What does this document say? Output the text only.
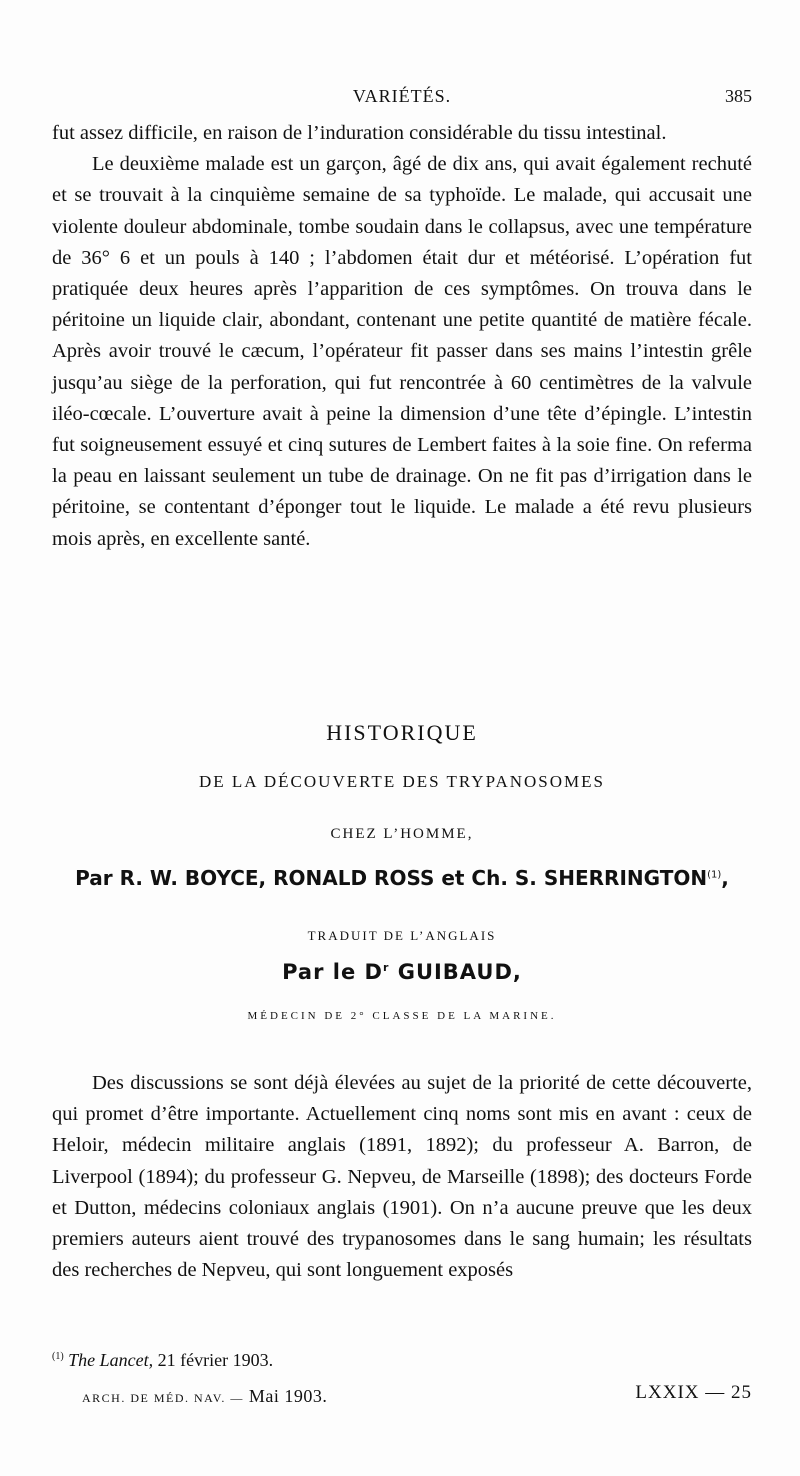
VARIÉTÉS.	385

fut assez difficile, en raison de l’induration considérable du tissu intestinal.

Le deuxième malade est un garçon, âgé de dix ans, qui avait également rechuté et se trouvait à la cinquième semaine de sa typhoïde. Le malade, qui accusait une violente douleur abdominale, tombe soudain dans le collapsus, avec une température de 36° 6 et un pouls à 140 ; l’abdomen était dur et météorisé. L’opération fut pratiquée deux heures après l’apparition de ces symptômes. On trouva dans le péritoine un liquide clair, abondant, contenant une petite quantité de matière fécale. Après avoir trouvé le cæcum, l’opérateur fit passer dans ses mains l’intestin grêle jusqu’au siège de la perforation, qui fut rencontrée à 60 centimètres de la valvule iléo-cœcale. L’ouverture avait à peine la dimension d’une tête d’épingle. L’intestin fut soigneusement essuyé et cinq sutures de Lembert faites à la soie fine. On referma la peau en laissant seulement un tube de drainage. On ne fit pas d’irrigation dans le péritoine, se contentant d’éponger tout le liquide. Le malade a été revu plusieurs mois après, en excellente santé.

HISTORIQUE
DE LA DÉCOUVERTE DES TRYPANOSOMES
CHEZ L’HOMME,
Par R. W. BOYCE, RONALD ROSS et Ch. S. SHERRINGTON$^{(1)}$,
TRADUIT DE L’ANGLAIS
Par le $D^r$ GUIBAUD,
MÉDECIN DE 2° CLASSE DE LA MARINE.

Des discussions se sont déjà élevées au sujet de la priorité de cette découverte, qui promet d’être importante. Actuellement cinq noms sont mis en avant : ceux de Heloir, médecin militaire anglais (1891, 1892); du professeur A. Barron, de Liverpool (1894); du professeur G. Nepveu, de Marseille (1898); des docteurs Forde et Dutton, médecins coloniaux anglais (1901). On n’a aucune preuve que les deux premiers auteurs aient trouvé des trypanosomes dans le sang humain; les résultats des recherches de Nepveu, qui sont longuement exposés

$^{(1)}$ The Lancet, 21 février 1903.
ARCH. DE MÉD. NAV. — Mai 1903.	LXXIX — 25
